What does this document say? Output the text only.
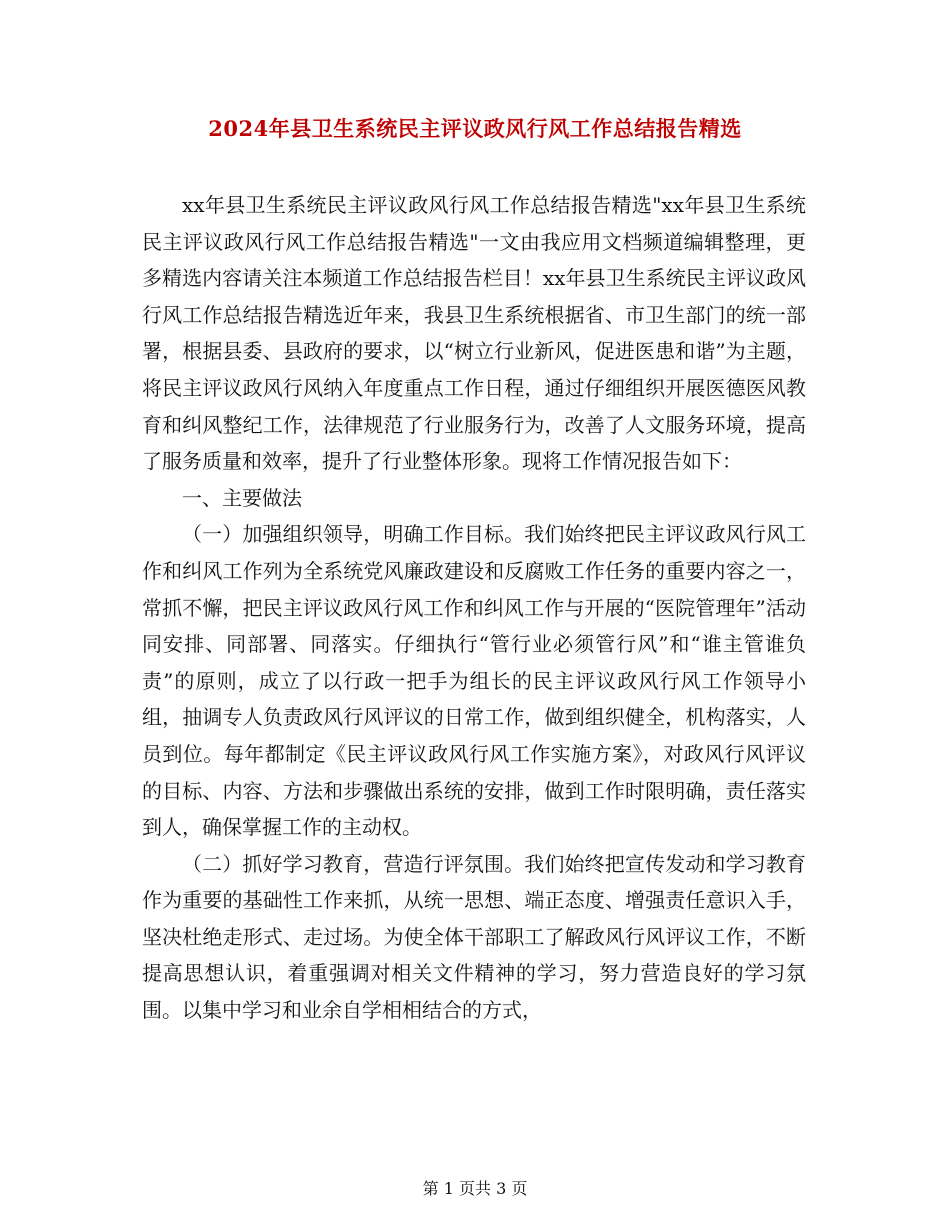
2024年县卫生系统民主评议政风行风工作总结报告精选

xx年县卫生系统民主评议政风行风工作总结报告精选"xx年县卫生系统民主评议政风行风工作总结报告精选"一文由我应用文档频道编辑整理，更多精选内容请关注本频道工作总结报告栏目！xx年县卫生系统民主评议政风行风工作总结报告精选近年来，我县卫生系统根据省、市卫生部门的统一部署，根据县委、县政府的要求，以“树立行业新风，促进医患和谐”为主题，将民主评议政风行风纳入年度重点工作日程，通过仔细组织开展医德医风教育和纠风整纪工作，法律规范了行业服务行为，改善了人文服务环境，提高了服务质量和效率，提升了行业整体形象。现将工作情况报告如下：

一、主要做法

（一）加强组织领导，明确工作目标。我们始终把民主评议政风行风工作和纠风工作列为全系统党风廉政建设和反腐败工作任务的重要内容之一，常抓不懈，把民主评议政风行风工作和纠风工作与开展的“医院管理年”活动同安排、同部署、同落实。仔细执行“管行业必须管行风”和“谁主管谁负责”的原则，成立了以行政一把手为组长的民主评议政风行风工作领导小组，抽调专人负责政风行风评议的日常工作，做到组织健全，机构落实，人员到位。每年都制定《民主评议政风行风工作实施方案》，对政风行风评议的目标、内容、方法和步骤做出系统的安排，做到工作时限明确，责任落实到人，确保掌握工作的主动权。

（二）抓好学习教育，营造行评氛围。我们始终把宣传发动和学习教育作为重要的基础性工作来抓，从统一思想、端正态度、增强责任意识入手，坚决杜绝走形式、走过场。为使全体干部职工了解政风行风评议工作，不断提高思想认识，着重强调对相关文件精神的学习，努力营造良好的学习氛围。以集中学习和业余自学相相结合的方式，

第 1 页共 3 页
